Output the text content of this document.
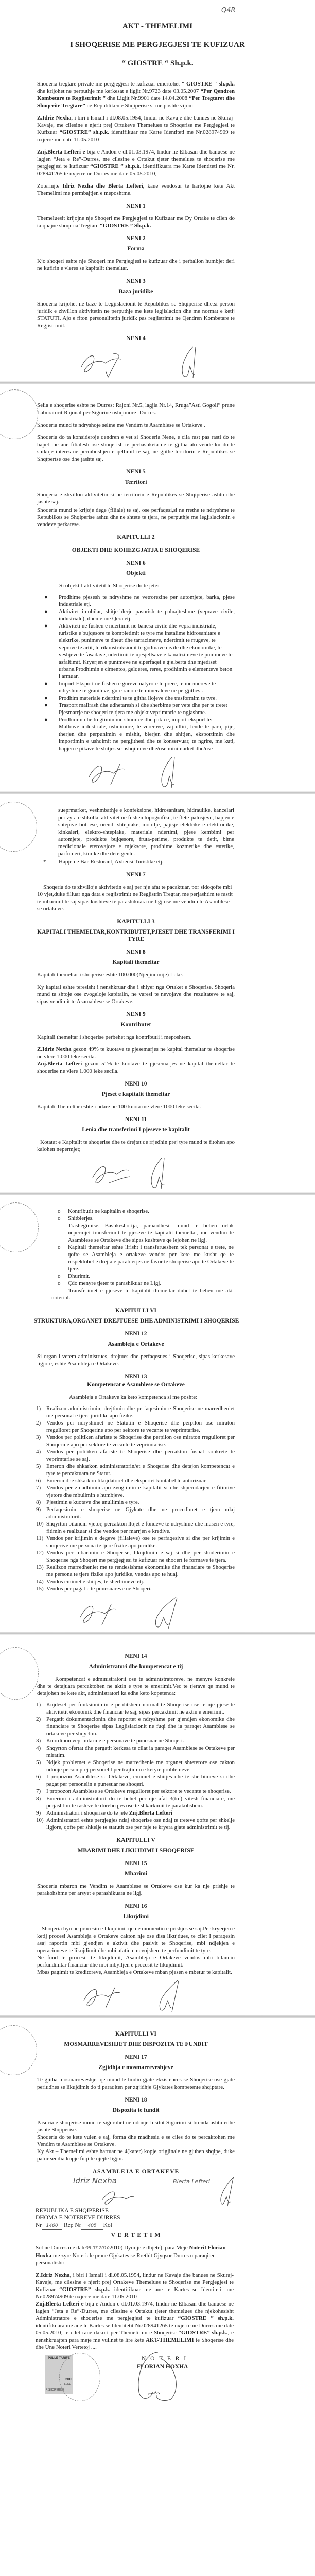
Q4R
AKT - THEMELIMI
I SHOQERISE ME PERGJEGJESI TE KUFIZUAR
“ GIOSTRE “ Sh.p.k.
Shoqeria tregtare private me pergjegjesi te kufizuar emertohet " GIOSTRE " sh.p.k. dhe krijohet ne perputhje me kerkesat e ligjit Nr.9723 date 03.05.2007 “Per Qendren Kombetare te Regjistrimit ” dhe Ligjit Nr.9901 date 14.04.2008 “Per Tregtaret dhe Shoqerite Tregtare” ne Republiken e Shqiperise si me poshte vijon:
Z.Idriz Nexha, i biri i Ismail i dl.08.05.1954, lindur ne Kavaje dhe banues ne Skuraj-Kavaje, me cilesine e njerit prej Ortakeve Themelues te Shoqerise me Pergjegjesi te Kufizuar “GIOSTRE” sh.p.k. identifikuar me Karte Identiteti me Nr.028974909 te nxjerre me date 11.05.2010
Znj.Blerta Lefteri e bija e Andon e dl.01.03.1974, lindur ne Elbasan dhe banuese ne lagjen “Jeta e Re”-Durres, me cilesine e Ortakut tjeter themelues te shoqerise me pergjegjesi te kufizuar “GIOSTRE ” sh.p.k. identifikuara me Karte Identiteti me Nr. 028941265 te nxjerre ne Durres me date 05.05.2010,
Zoterinjte Idriz Nexha dhe Blerta Lefteri, kane vendosur te hartojne kete Akt Themelimi me permbajtjen e meposhtme.
NENI 1
Themeluesit krijojne nje Shoqeri me Pergjegjesi te Kufizuar me Dy Ortake te cilen do ta quajne shoqeria Tregtare “GIOSTRE ” Sh.p.k.
NENI 2
Forma
Kjo shoqeri eshte nje Shoqeri me Pergjegjesi te kufizuar dhe i perballon humbjet deri ne kufirin e vleres se kapitalit themeltar.
NENI 3
Baza juridike
Shoqeria krijohet ne baze te Legjislacionit te Republikes se Shqiperise dhe,si person juridik e zhvillon aktivitetin ne perputhje me kete legjislacion dhe me normat e ketij STATUTI. Ajo e fiton personalitetin juridik pas regjistrimit ne Qendren Kombetare te Regjistrimit.
NENI 4
Selia e shoqerise eshte ne Durres: Rajoni Nr.5, lagjia Nr.14, Rruga”Asti Gogoli” prane Laboratorit Rajonal per Sigurine ushqimore -Durres.
Shoqeria mund te ndryshoje seline me Vendim te Asamblese se Ortakeve .
Shoqeria do ta konsideroje qendren e vet si Shoqeria Nene, e cila rast pas rasti do te hapet me ane filialesh ose shoqerish te perbashketa ne te gjitha ato vende ku do te shikoje interes ne permbushjen e qellimit te saj, ne gjithe territorin e Republikes se Shqiperise ose dhe jashte saj.
NENI 5
Territori
Shoqeria e zhvillon aktivitetin si ne territorin e Republikes se Shqiperise ashtu dhe jashte saj.
Shoqeria mund te krijoje dege (filiale) te saj, ose perfaqesi,si ne rrethe te ndryshme te Republikes se Shqiperise ashtu dhe ne shtete te tjera, ne perputhje me legjislacionin e vendeve perkatese.
KAPITULLI 2
OBJEKTI DHE KOHEZGJATJA E SHOQERISE
NENI 6
Objekti
Si objekt I aktivitetit te Shoqerise do te jete:
●	Prodhime pjesesh te ndryshme ne vetrorezine per automjete, barka, pjese industriale etj.
●	Aktivitet imobilar, shitje-blerje pasurish te paluajteshme (veprave civile, industriale), dhenie me Qera etj.
●	Aktiviteti ne fushen e ndertimit ne banesa civile dhe vepra indistriale, turistike e bujqesore te kompletimit te tyre me instalime hidrosanitare e elektrike, punimeve te dheut dhe tarracimeve, ndertimit te rrugeve, te veprave te artit, te rikonstruksionit te godinave civile dhe ekonomike, te veshjeve te fasadave, ndertimit te ujesjellsave e kanalizimeve te punimeve te asfaltimit. Kryerjen e punimeve ne siperfaqet e gjelberta dhe mjediset urbane.Prodhimin e cimentos, gelqeres, reres, prodhimin e elementeve beton i armuar.
●	Import-Eksport ne fushen e gureve natyrore te prere, te mermereve te ndryshme te graniteve, gure ranore te mineraleve ne pergjithesi.
●	Prodhim materiale ndertimi te te gjitha llojeve dhe trasformim te tyre.
●	Trasport mallrash dhe udhetaresh si dhe sherbime per vete dhe per te tretet Pjesmarrje ne shoqeri te tjera me objekt veprimtarie te ngjashme.
●	Prodhimin dhe tregtimin me shumice dhe pakice, import-eksport te:
Mallrave industriale, ushqimore, te vererave, vaj ulliri, lende te para, pije, therjen dhe perpunimin e mishit, blerjen dhe shitjen, eksportimin dhe importimin e ushqimit ne pergjithesi dhe te konservuar, te ngrire, me kuti, hapjen e pikave te shitjes se ushqimeve dhe/ose minimarket dhe/ose
sueprmarket, veshmbathje e konfeksione, hidrosanitare, hidraulike, kancelari per zyra e shkolla, aktivitet ne fushen topografike, te flete-palosjeve, hapjen e shtepive botuese, orendi shtepiake, mobilje, pajisje elektrike e elektronike, kinkaleri, elektro-shtepiake, materiale ndertimi, pjese kembimi per automjete, produkte bujqesore, fruta-perime, produkte te detit, bime medicionale eterovajore e mjeksore, prodhime kozmetike dhe estetike, parfumeri, kimike dhe detergente.
*	Hapjen e Bar-Restorant, Axhensi Turistike etj.
NENI 7
Shoqeria do te zhvilloje aktivitetin e saj per nje afat te pacaktuar, por sidoqofte mbi 10 vjet,duke filluar nga data e regjistrimit ne Regjistrin Tregtar, me perjashtim te rastit te mbarimit te saj sipas kushteve te parashikuara ne ligj ose me vendim te Asamblese se ortakeve.
KAPITULLI 3
KAPITALI THEMELTAR,KONTRIBUTET,PJESET DHE TRANSFERIMI I TYRE
NENI 8
Kapitali themeltar
Kapitali themeltar i shoqerise eshte 100.000(Njeqindmije) Leke.
Ky kapital eshte teresisht i nenshkruar dhe i shlyer nga Ortaket e Shoqerise. Shoqeria mund ta shtoje ose zvogeloje kapitalin, ne varesi te nevojave dhe rezultateve te saj, sipas vendimit te Asamablese se Ortakeve.
NENI 9
Kontributet
Kapitali themeltar i shoqerise perbehet nga kontributii i meposhtem.
Z.Idriz Nexha gezon 49% te kuotave te pjesemarjes ne kapital themeltar te shoqerise ne vlere 1.000 leke secila.
Znj.Blerta Lefteri gezon 51% te kuotave te pjesemarjes ne kapital themeltar te shoqerise ne vlere 1.000 leke secila.
NENI 10
Pjeset e kapitalit themeltar
Kapitali Themeltar eshte i ndare ne 100 kuota me vlere 1000 leke secila.
NENI 11
Lenia dhe transferimi I pjeseve te kapitalit
Kotatat e Kapitalit te shoqerise dhe te drejtat qe rrjedhin prej tyre mund te fitohen apo kalohen nepermjet;
o	Kontributit ne kapitalin e shoqerise.
o	Shitblerjes.
Trashegimise. Bashkeshortja, paraardhesit mund te behen ortak nepermjet transferimit te pjeseve te kapitalit themeltar, me vendim te Asamblese se Ortakeve dhe sipas kushteve qe lejohen ne ligj.
o	Kapitali themeltar eshte lirisht i transferueshem tek personat e trete, ne qofte se Asambleja e ortakeve vendos per kete me kusht qe te respektohet e drejta e parablerjes ne favor te shoqerise apo te Ortakeve te tjere.
o	Dhurimit.
o	Çdo menyre tjeter te parashikuar ne Ligj.
Transferimet e pjeseve te kapitalit themeltar duhet te behen me akt noterial.
KAPITULLI VI
STRUKTURA,ORGANET DREJTUESE DHE ADMINISTRIMI I SHOQERISE
NENI 12
Asambleja e Ortakeve
Si organ i vetem administrues, drejtues dhe perfaqesues i Shoqerise, sipas kerkesave ligjore, eshte Asambleja e Ortakeve.
NENI 13
Kompetencat e Asamblese se Ortakeve
Asambleja e Ortakeve ka keto kompetenca si me poshte:
1) Realizon administrimin, drejtimin dhe perfaqesimin e Shoqerise ne marredheniet me personat e tjere juridike apo fizike.
2) Vendos per ndryshimet ne Statutin e Shoqerise dhe perpilon ose miraton rregulloret per Shoqerine apo per sektore te vecante te veprimtarise.
3) Vendos per politiken afariste te Shoqerise dhe perpilon ose miraton rregulloret per Shoqerine apo per sektore te vecante te veprimtarise.
4) Vendos per politiken afariste te Shoqerise dhe percakton fushat konkrete te veprimtarise se saj.
5) Emeron dhe shkarkon administratorin/et e Shoqerise dhe detajon kompetencat e tyre te percaktuara ne Statut.
6) Emeron dhe shkarkon likujdatoret dhe ekspertet kontabel te autorizuar.
7) Vendos per zmadhimin apo zvoglimin e kapitalit si dhe shperndarjen e fitimive vjetore dhe mbulimin e humbjeve.
8) Pjestimin e kuotave dhe anullimin e tyre.
9) Perfaqesimin e shoqerise ne Gjykate dhe ne procedimet e tjera ndaj administratorit.
10) Shqyrton bilancin vjetor, percakton llojet e fondeve te ndryshme dhe masen e tyre, fitimin e realizuar si dhe vendos per marrjen e kredive.
11) Vendos per krijimin e degeve (filialeve) ose te perfaqesive si dhe per krijimin e shoqerive me persona te tjere fizike apo juridike.
12) Vendos per mbarimin e Shoqerise, likujdimin e saj si dhe per shnderimin e Shoqerise nga Shoqeri me pergjegjesi te kufizuar ne shoqeri te formave te tjera.
13) Realizon marredheniet me te rendesishme ekonomike dhe financiare te Shoqerise me persona te tjere fizike apo juridike, vendas apo te huaj.
14) Vendos cmimet e shitjes, te sherbimeve etj.
15) Vendos per pagat e te punesuareve ne Shoqeri.
NENI 14
Administratori dhe kompetencat e tij
Kompetencat e administratorit ose te administratoreve, ne menyre konkrete dhe te detajuara percaktohen ne aktin e tyre te emerimit.Vec te tjerave qe mund te detajohen ne kete akt, administratori ka edhe keto kopetenca:
1) Kujdeset per funksionimin e perditshem normal te Shoqerise ose te nje pjese te aktivitetit ekonomik dhe financiar te saj, sipas percaktimit ne aktin e emerimit.
2) Pergatit dokumentacionin dhe raportet e ndryshme per gjendjen ekonomike dhe financiare te Shoqerise sipas Legjislacionit ne fuqi dhe ia paraqet Asamblese se ortakeve per shqyrtim.
3) Koordinon veprimtarine e personave te punesuar ne Shoqeri.
4) Shqyrton ofertat dhe pergatit kerkesa te cilat ia paraqet Asamblese se Ortakeve per miratim.
5) Ndjek problemet e Shoqerise ne marredhenie me organet shteterore ose cakton ndonje person prej personelit per trajtimin e ketyre problemeve.
6) I propozon Asamblese se Ortakeve, cmimet e shitjes dhe te sherbimeve si dhe pagat per personelin e punesuar ne shoqeri.
7) I propozon Asamblese se Ortakeve rregulloret per sektore te vecante te shoqerise.
8) Emerimi i administratorit do te behet per nje afat 3(tre) vitesh financiare, me perjashtim te rasteve te doreheqjes ose te shkarkimit te parakohshem.
9) Administratori i shoqerise do te jete Znj.Blerta Lefteri
10) Administratori eshte pergjegjes ndaj shoqerise ose ndaj te treteve qofte per shkelje ligjore, qofte per shkelje te statutit ose per faje te kryera gjate administrimit te tij.
KAPITULLI V
MBARIMI DHE LIKUJDIMI I SHOQERISE
NENI 15
Mbarimi
Shoqeria mbaron me Vendim te Asamblese se Ortakeve ose kur ka nje prishje te parakohshme per arsyet e parashikuara ne ligj.
NENI 16
Likujdimi
Shoqeria hyn ne procesin e likujdimit qe ne momentin e prishjes se saj.Per kryerjen e ketij procesi Asambleja e Ortakeve cakton nje ose disa likujdues, te cilet I paraqesin asaj raportin mbi gjendjen e aktivit dhe pasivit te Shoqerise, mbi ndjekjen e operacioneve te likujdimit dhe mbi afatin e nevojshem te perfundimit te tyre.
Ne fund te procesit te likujdimit, Asambleja e Ortakeve vendos mbi bilancin perfundimtar financiar dhe mbi mbylljen e procesit te likujdimit.
Mbas pagimit te kreditoreve, Asambleja e Ortakeve mban pjesen e mbetur te kapitalit.
KAPITULLI VI
MOSMARREVESHJET DHE DISPOZITA TE FUNDIT
NENI 17
Zgjidhja e mosmarreveshjeve
Te gjitha mosmarreveshjet qe mund te lindin gjate ekzistences se Shoqerise ose gjate periudhes se likujdimit do ti paraqiten per zgjidhje Gjykates kompetente shqiptare.
NENI 18
Dispozita te fundit
Pasuria e shoqerise mund te sigurohet ne ndonje Insitut Sigurimi si brenda ashtu edhe jashte Shqiperise.
Shoqeria do te kete vulen e saj, forma dhe madhesia e se ciles do te percaktohen me Vendim te Asamblese se Ortakeve.
Ky Akt – Themelimi eshte hartuar ne 4(kater) kopje origjinale ne gjuhen shqipe, duke patur secilia kopje fuqi te njejte ligjor.
ASAMBLEJA E ORTAKEVE
Idriz Nexha	Blerta Lefteri
REPUBLIKA E SHQIPERISE
DHOMA E NOTEREVE DURRES
Nr 1460 Rep Nr 405 Kol
V E R T E T I M
Sot ne Durres me date05.07.20102010( Dymije e dhjete), para Meje Noterit Florian Hoxha me zyre Noteriale prane Gjykates se Rrethit Gjyqsor Durres u paraqiten personalisht:
Z.Idriz Nexha, i biri i Ismail i dl.08.05.1954, lindur ne Kavaje dhe banues ne Skuraj-Kavaje, me cilesine e njerit prej Ortakeve Themelues te Shoqerise me Pergjegjesi te Kufizuar “GIOSTRE” sh.p.k. identifikuar me ane te Kartes se Identitetit me Nr.028974909 te nxjerre me date 11.05.2010
Znj.Blerta Lefteri e bija e Andon e dl.01.03.1974, lindur ne Elbasan dhe banuese ne lagjen “Jeta e Re”-Durres, me cilesine e Ortakut tjeter themelues dhe njekohesisht Administratore e shoqerise me pergjegjesi te kufizuar “GIOSTRE ” sh.p.k. identifikuara me ane te Kartes se Identitetit Nr.028941265 te nxjerre ne Durres me date 05.05.2010, te cilet rane dakort per Themelimin e Shoqerise “GIOSTRE” sh.p.k., e nenshkruajten para meje me vullnet te lire kete AKT-THEMELIMI te Shoqerise dhe dhe Une Noteri Vertetoj ....
PULLE TARIFE
200
LEKE
R.SHQIPERISE
N O T E R I
FLORIAN HOXHA
